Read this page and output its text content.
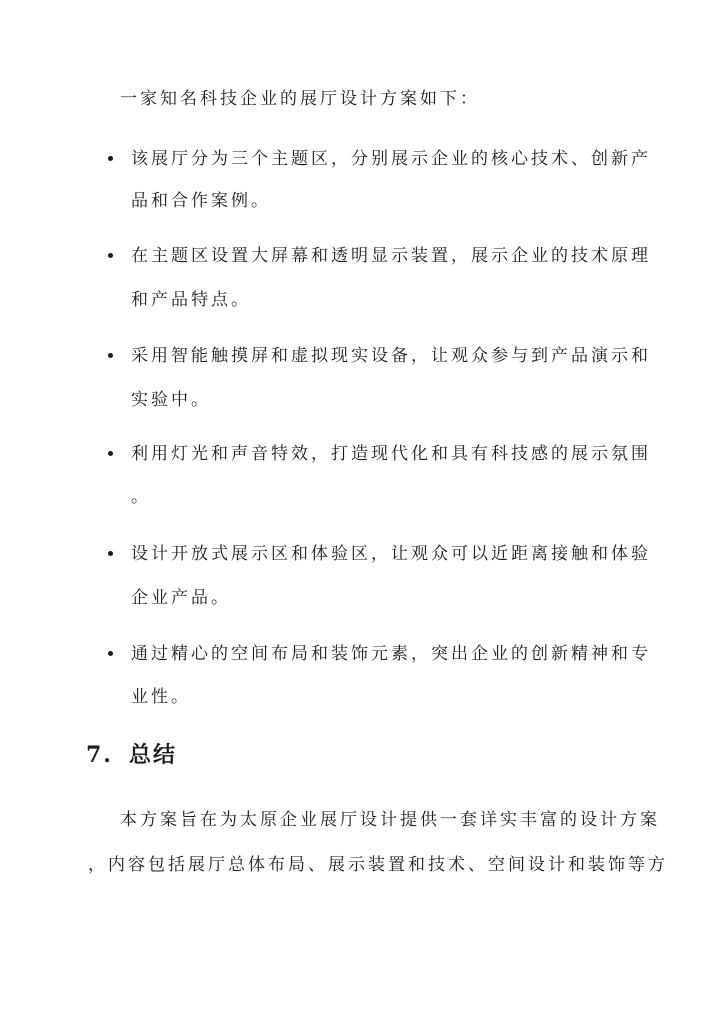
一家知名科技企业的展厅设计方案如下：
该展厅分为三个主题区，分别展示企业的核心技术、创新产
品和合作案例。
在主题区设置大屏幕和透明显示装置，展示企业的技术原理
和产品特点。
采用智能触摸屏和虚拟现实设备，让观众参与到产品演示和
实验中。
利用灯光和声音特效，打造现代化和具有科技感的展示氛围
。
设计开放式展示区和体验区，让观众可以近距离接触和体验
企业产品。
通过精心的空间布局和装饰元素，突出企业的创新精神和专
业性。
7. 总结
本方案旨在为太原企业展厅设计提供一套详实丰富的设计方案
，内容包括展厅总体布局、展示装置和技术、空间设计和装饰等方
